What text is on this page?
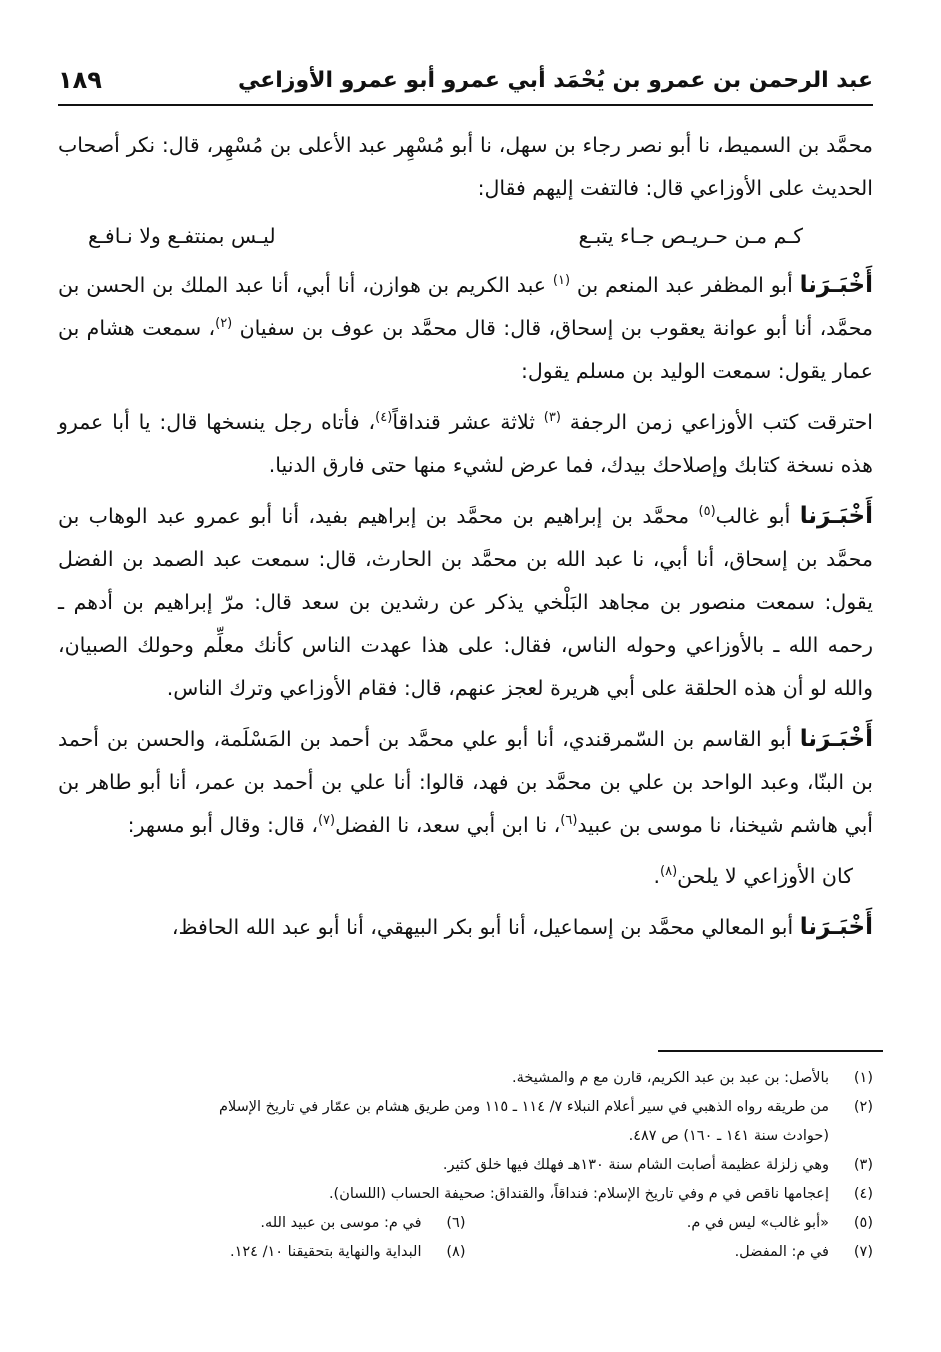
عبد الرحمن بن عمرو بن يُحْمَد أبي عمرو أبو عمرو الأوزاعي
١٨٩

محمَّد بن السميط، نا أبو نصر رجاء بن سهل، نا أبو مُسْهِر عبد الأعلى بن مُسْهِر، قال: نكر أصحاب الحديث على الأوزاعي قال: فالتفت إليهم فقال:

كـم مـن حـريـص جـاء يتبـع
ليـس بمنتفـع ولا نـافـع

أَخْبَـرَنا أبو المظفر عبد المنعم بن $^{(١)}$ عبد الكريم بن هوازن، أنا أبي، أنا عبد الملك بن الحسن بن محمَّد، أنا أبو عوانة يعقوب بن إسحاق، قال: قال محمَّد بن عوف بن سفيان $^{(٢)}$، سمعت هشام بن عمار يقول: سمعت الوليد بن مسلم يقول:

احترقت كتب الأوزاعي زمن الرجفة $^{(٣)}$ ثلاثة عشر قنداقاً$^{(٤)}$، فأتاه رجل ينسخها قال: يا أبا عمرو هذه نسخة كتابك وإصلاحك بيدك، فما عرض لشيء منها حتى فارق الدنيا.

أَخْبَـرَنا أبو غالب$^{(٥)}$ محمَّد بن إبراهيم بن محمَّد بن إبراهيم بفيد، أنا أبو عمرو عبد الوهاب بن محمَّد بن إسحاق، أنا أبي، نا عبد الله بن محمَّد بن الحارث، قال: سمعت عبد الصمد بن الفضل يقول: سمعت منصور بن مجاهد البَلْخي يذكر عن رشدين بن سعد قال: مرّ إبراهيم بن أدهم ـ رحمه الله ـ بالأوزاعي وحوله الناس، فقال: على هذا عهدت الناس كأنك معلِّم وحولك الصبيان، والله لو أن هذه الحلقة على أبي هريرة لعجز عنهم، قال: فقام الأوزاعي وترك الناس.

أَخْبَـرَنا أبو القاسم بن السّمرقندي، أنا أبو علي محمَّد بن أحمد بن المَسْلَمة، والحسن بن أحمد بن البنّا، وعبد الواحد بن علي بن محمَّد بن فهد، قالوا: أنا علي بن أحمد بن عمر، أنا أبو طاهر بن أبي هاشم شيخنا، نا موسى بن عبيد$^{(٦)}$، نا ابن أبي سعد، نا الفضل$^{(٧)}$، قال: وقال أبو مسهر:

كان الأوزاعي لا يلحن$^{(٨)}$.

أَخْبَـرَنا أبو المعالي محمَّد بن إسماعيل، أنا أبو بكر البيهقي، أنا أبو عبد الله الحافظ،

(١)
بالأصل: بن عبد بن عبد الكريم، قارن مع م والمشيخة.
(٢)
من طريقه رواه الذهبي في سير أعلام النبلاء ٧/ ١١٤ ـ ١١٥ ومن طريق هشام بن عمّار في تاريخ الإسلام
(حوادث سنة ١٤١ ـ ١٦٠) ص ٤٨٧.
(٣)
وهي زلزلة عظيمة أصابت الشام سنة ١٣٠هـ فهلك فيها خلق كثير.
(٤)
إعجامها ناقص في م وفي تاريخ الإسلام: فنداقاً، والقنداق: صحيفة الحساب (اللسان).
(٥)
«أبو غالب» ليس في م.
(٦)
في م: موسى بن عبيد الله.
(٧)
في م: المفضل.
(٨)
البداية والنهاية بتحقيقنا ١٠/ ١٢٤.
